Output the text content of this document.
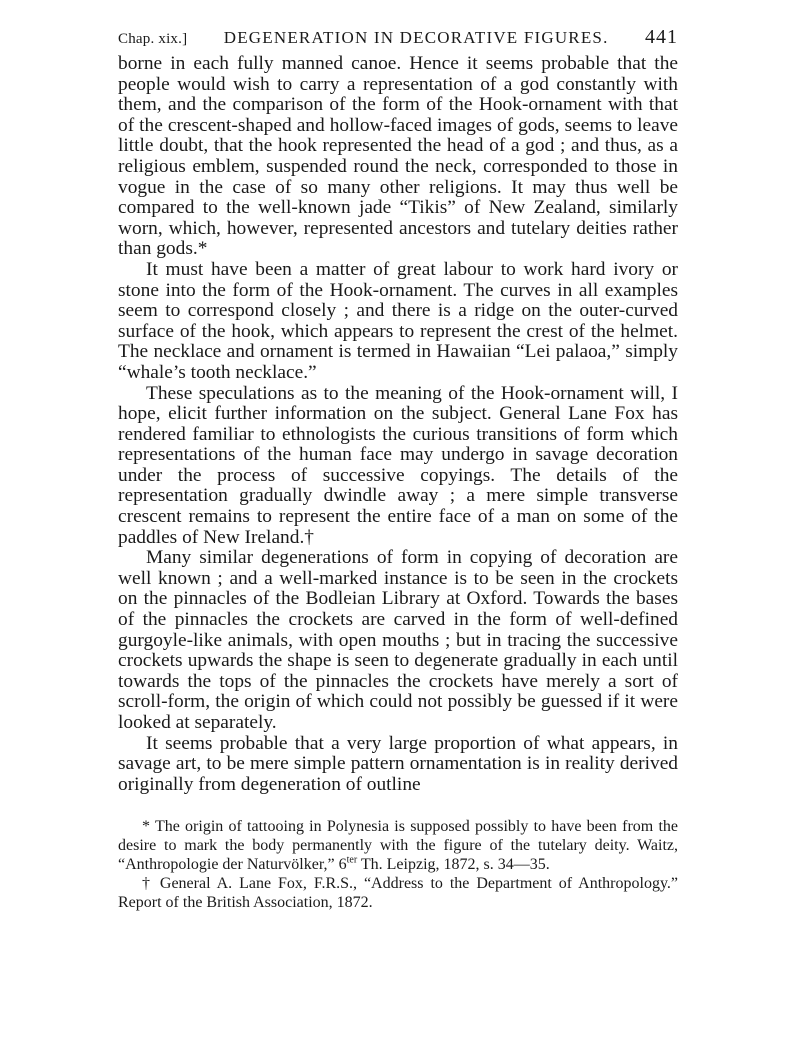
Chap. xix.]	DEGENERATION IN DECORATIVE FIGURES.	441

borne in each fully manned canoe. Hence it seems probable that the people would wish to carry a representation of a god constantly with them, and the comparison of the form of the Hook-ornament with that of the crescent-shaped and hollow-faced images of gods, seems to leave little doubt, that the hook represented the head of a god ; and thus, as a religious emblem, suspended round the neck, corresponded to those in vogue in the case of so many other religions. It may thus well be compared to the well-known jade “Tikis” of New Zealand, similarly worn, which, however, represented ancestors and tutelary deities rather than gods.*

It must have been a matter of great labour to work hard ivory or stone into the form of the Hook-ornament. The curves in all examples seem to correspond closely ; and there is a ridge on the outer-curved surface of the hook, which appears to represent the crest of the helmet. The necklace and ornament is termed in Hawaiian “Lei palaoa,” simply “whale’s tooth necklace.”

These speculations as to the meaning of the Hook-ornament will, I hope, elicit further information on the subject. General Lane Fox has rendered familiar to ethnologists the curious transitions of form which representations of the human face may undergo in savage decoration under the process of successive copyings. The details of the representation gradually dwindle away ; a mere simple transverse crescent remains to represent the entire face of a man on some of the paddles of New Ireland.†

Many similar degenerations of form in copying of decoration are well known ; and a well-marked instance is to be seen in the crockets on the pinnacles of the Bodleian Library at Oxford. Towards the bases of the pinnacles the crockets are carved in the form of well-defined gurgoyle-like animals, with open mouths ; but in tracing the successive crockets upwards the shape is seen to degenerate gradually in each until towards the tops of the pinnacles the crockets have merely a sort of scroll-form, the origin of which could not possibly be guessed if it were looked at separately.

It seems probable that a very large proportion of what appears, in savage art, to be mere simple pattern ornamentation is in reality derived originally from degeneration of outline

* The origin of tattooing in Polynesia is supposed possibly to have been from the desire to mark the body permanently with the figure of the tutelary deity. Waitz, “Anthropologie der Naturvölker,” $6^{ter}$ Th. Leipzig, 1872, s. 34—35.

† General A. Lane Fox, F.R.S., “Address to the Department of Anthropology.” Report of the British Association, 1872.
